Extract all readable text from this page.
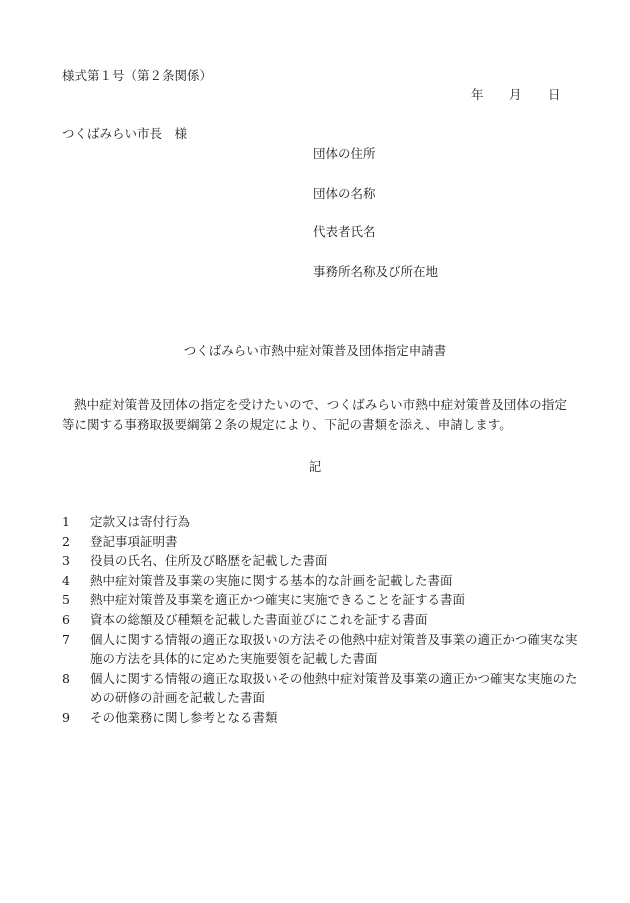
様式第１号（第２条関係）
年 月 日
つくばみらい市長　様
団体の住所
団体の名称
代表者氏名
事務所名称及び所在地
つくばみらい市熱中症対策普及団体指定申請書
熱中症対策普及団体の指定を受けたいので、つくばみらい市熱中症対策普及団体の指定等に関する事務取扱要綱第２条の規定により、下記の書類を添え、申請します。
記
1	定款又は寄付行為
2	登記事項証明書
3	役員の氏名、住所及び略歴を記載した書面
4	熱中症対策普及事業の実施に関する基本的な計画を記載した書面
5	熱中症対策普及事業を適正かつ確実に実施できることを証する書面
6	資本の総額及び種類を記載した書面並びにこれを証する書面
7	個人に関する情報の適正な取扱いの方法その他熱中症対策普及事業の適正かつ確実な実施の方法を具体的に定めた実施要領を記載した書面
8	個人に関する情報の適正な取扱いその他熱中症対策普及事業の適正かつ確実な実施のための研修の計画を記載した書面
9	その他業務に関し参考となる書類
